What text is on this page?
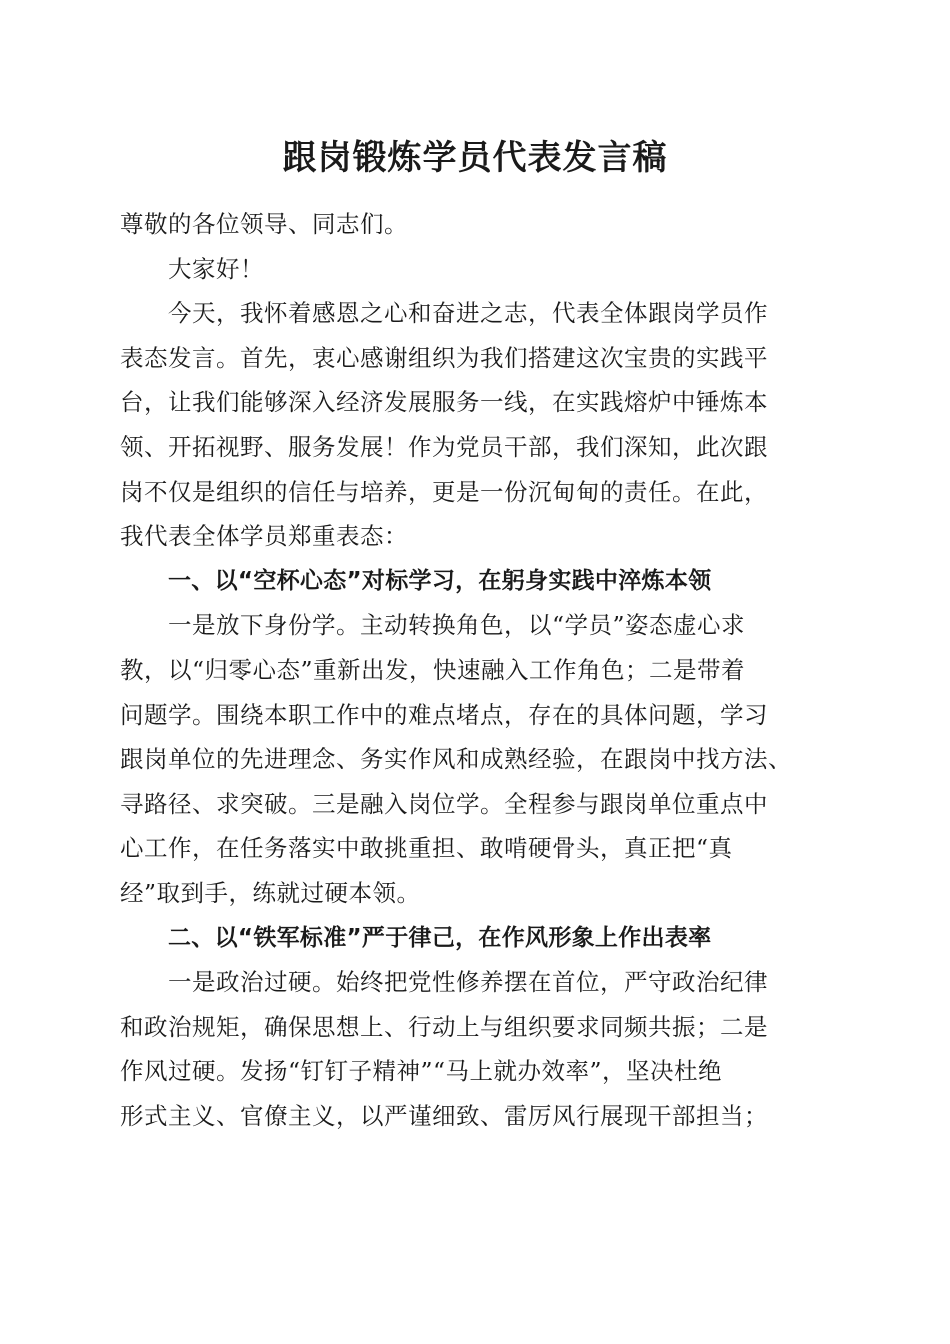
跟岗锻炼学员代表发言稿
尊敬的各位领导、同志们。
大家好！
今天，我怀着感恩之心和奋进之志，代表全体跟岗学员作
表态发言。首先，衷心感谢组织为我们搭建这次宝贵的实践平
台，让我们能够深入经济发展服务一线，在实践熔炉中锤炼本
领、开拓视野、服务发展！作为党员干部，我们深知，此次跟
岗不仅是组织的信任与培养，更是一份沉甸甸的责任。在此，
我代表全体学员郑重表态：
一、以“空杯心态”对标学习，在躬身实践中淬炼本领
一是放下身份学。主动转换角色，以“学员”姿态虚心求
教，以“归零心态”重新出发，快速融入工作角色；二是带着
问题学。围绕本职工作中的难点堵点，存在的具体问题，学习
跟岗单位的先进理念、务实作风和成熟经验，在跟岗中找方法、
寻路径、求突破。三是融入岗位学。全程参与跟岗单位重点中
心工作，在任务落实中敢挑重担、敢啃硬骨头，真正把“真
经”取到手，练就过硬本领。
二、以“铁军标准”严于律己，在作风形象上作出表率
一是政治过硬。始终把党性修养摆在首位，严守政治纪律
和政治规矩，确保思想上、行动上与组织要求同频共振；二是
作风过硬。发扬“钉钉子精神”“马上就办效率”，坚决杜绝
形式主义、官僚主义，以严谨细致、雷厉风行展现干部担当；
